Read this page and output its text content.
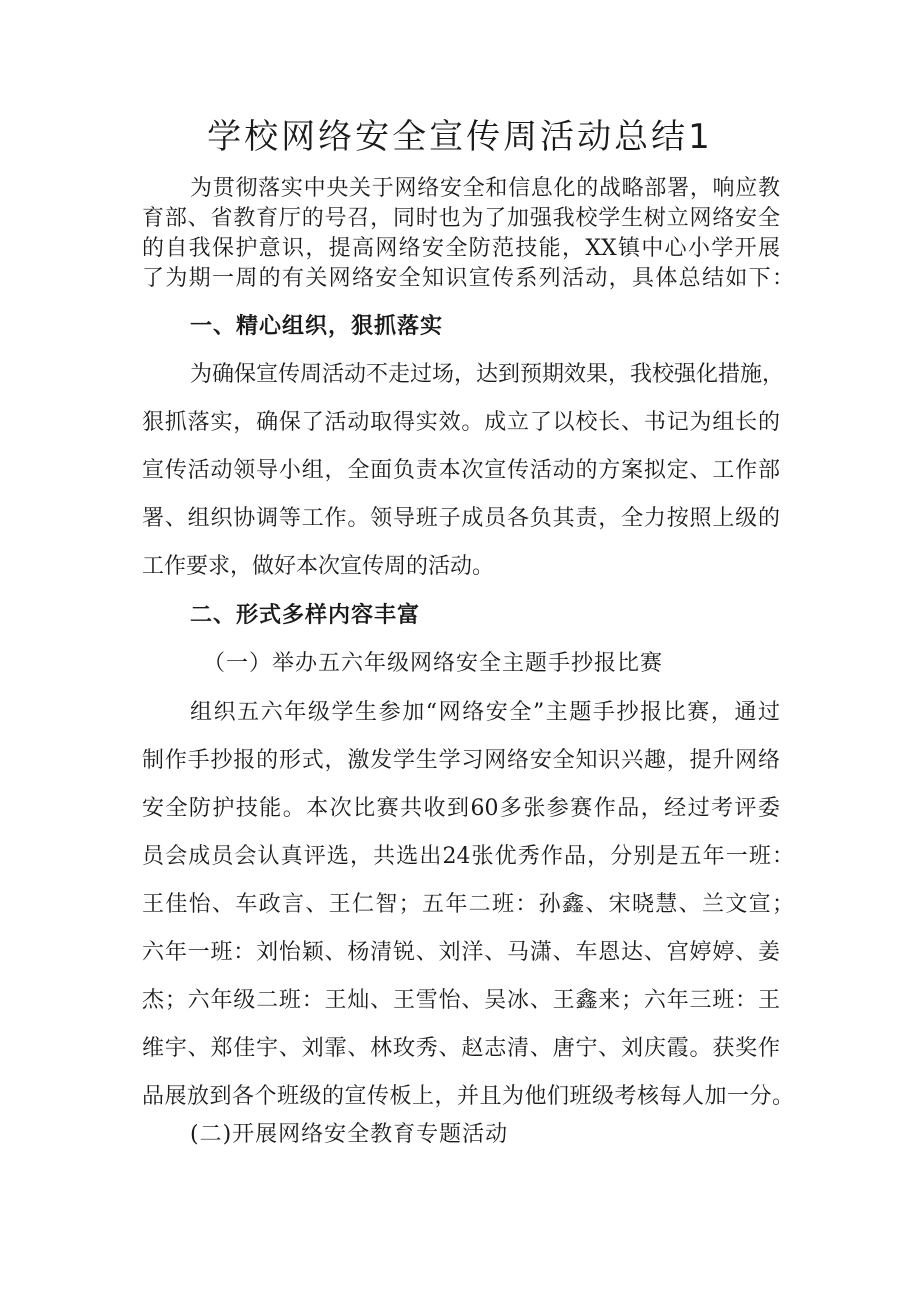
学校网络安全宣传周活动总结1
为贯彻落实中央关于网络安全和信息化的战略部署，响应教
育部、省教育厅的号召，同时也为了加强我校学生树立网络安全
的自我保护意识，提高网络安全防范技能，XX镇中心小学开展
了为期一周的有关网络安全知识宣传系列活动，具体总结如下：
一、精心组织，狠抓落实
为确保宣传周活动不走过场，达到预期效果，我校强化措施，
狠抓落实，确保了活动取得实效。成立了以校长、书记为组长的
宣传活动领导小组，全面负责本次宣传活动的方案拟定、工作部
署、组织协调等工作。领导班子成员各负其责，全力按照上级的
工作要求，做好本次宣传周的活动。
二、形式多样内容丰富
（一）举办五六年级网络安全主题手抄报比赛
组织五六年级学生参加“网络安全”主题手抄报比赛，通过
制作手抄报的形式，激发学生学习网络安全知识兴趣，提升网络
安全防护技能。本次比赛共收到60多张参赛作品，经过考评委
员会成员会认真评选，共选出24张优秀作品，分别是五年一班：
王佳怡、车政言、王仁智；五年二班：孙鑫、宋晓慧、兰文宣；
六年一班：刘怡颖、杨清锐、刘洋、马潇、车恩达、宫婷婷、姜
杰；六年级二班：王灿、王雪怡、吴冰、王鑫来；六年三班：王
维宇、郑佳宇、刘霏、林玫秀、赵志清、唐宁、刘庆霞。获奖作
品展放到各个班级的宣传板上，并且为他们班级考核每人加一分。
(二)开展网络安全教育专题活动
